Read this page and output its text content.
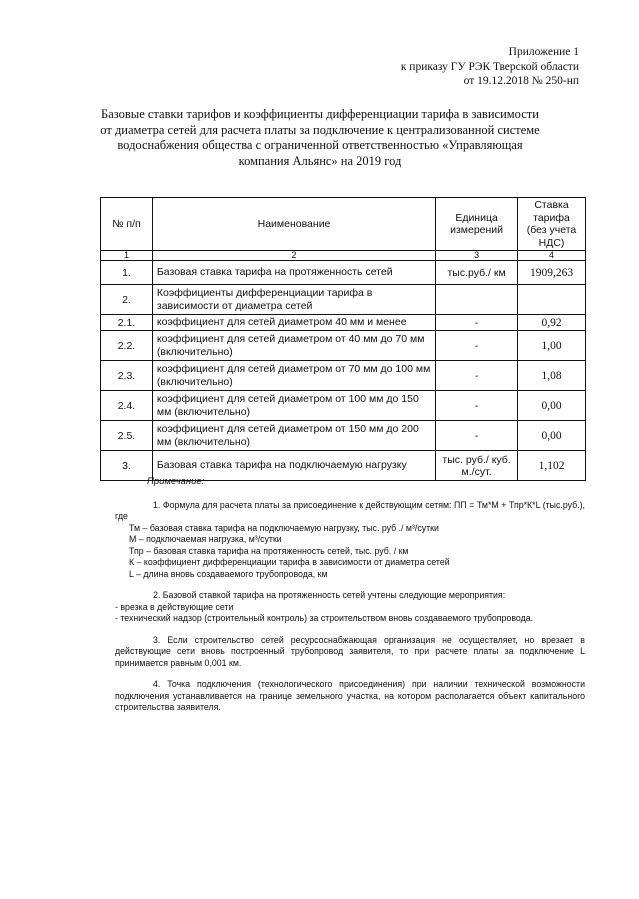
Приложение 1
к приказу ГУ РЭК Тверской области
от 19.12.2018 № 250-нп
Базовые ставки тарифов и коэффициенты дифференциации тарифа в зависимости от диаметра сетей для расчета платы за подключение к централизованной системе водоснабжения общества с ограниченной ответственностью «Управляющая компания Альянс» на 2019 год
№ п/п	Наименование	Единица измерений	Ставка тарифа (без учета НДС)
1	2	3	4
1.	Базовая ставка тарифа на протяженность сетей	тыс.руб./ км	1909,263
2.	Коэффициенты дифференциации тарифа в зависимости от диаметра сетей		
2.1.	коэффициент для сетей диаметром 40 мм и менее	-	0,92
2.2.	коэффициент для сетей диаметром от 40 мм до 70 мм (включительно)	-	1,00
2.3.	коэффициент для сетей диаметром от 70 мм до 100 мм (включительно)	-	1,08
2.4.	коэффициент для сетей диаметром от 100 мм до 150 мм (включительно)	-	0,00
2.5.	коэффициент для сетей диаметром от 150 мм до 200 мм (включительно)	-	0,00
3.	Базовая ставка тарифа на подключаемую нагрузку	тыс. руб./ куб. м./сут.	1,102
Примечание:
1. Формула для расчета платы за присоединение к действующим сетям: ПП = Тм*М + Тпр*К*L (тыс.руб.), где
Тм – базовая ставка тарифа на подключаемую нагрузку, тыс. руб ./ м³/сутки
М – подключаемая нагрузка, м³/сутки
Тпр – базовая ставка тарифа на протяженность сетей, тыс. руб. / км
К – коэффициент дифференциации тарифа в зависимости от диаметра сетей
L – длина вновь создаваемого трубопровода, км
2. Базовой ставкой тарифа на протяженность сетей учтены следующие мероприятия:
- врезка в действующие сети
- технический надзор (строительный контроль) за строительством вновь создаваемого трубопровода.
3. Если строительство сетей ресурсоснабжающая организация не осуществляет, но врезает в действующие сети вновь построенный трубопровод заявителя, то при расчете платы за подключение L принимается равным 0,001 км.
4. Точка подключения (технологического присоединения) при наличии технической возможности подключения устанавливается на границе земельного участка, на котором располагается объект капитального строительства заявителя.
